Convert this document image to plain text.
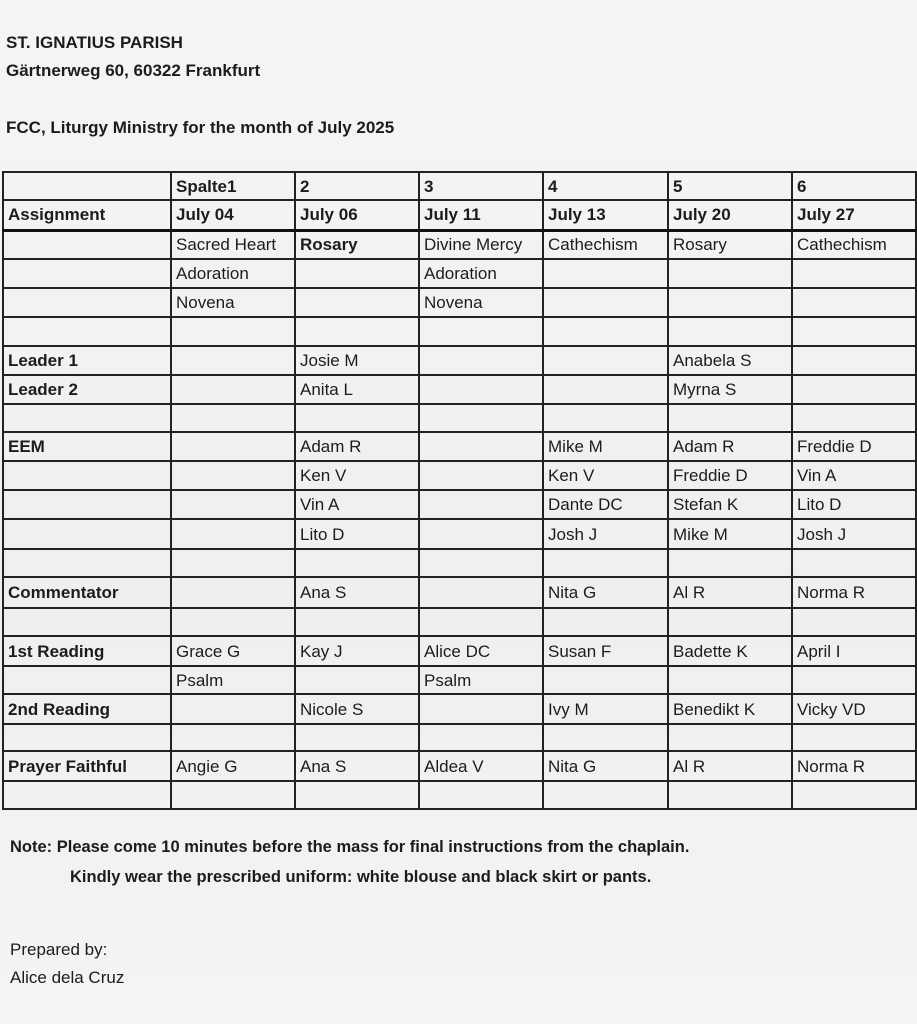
ST. IGNATIUS PARISH
Gärtnerweg 60, 60322 Frankfurt
FCC, Liturgy Ministry for the month of July 2025
	Spalte1	2	3	4	5	6
Assignment	July 04	July 06	July 11	July 13	July 20	July 27
	Sacred Heart	Rosary	Divine Mercy	Cathechism	Rosary	Cathechism
	Adoration		Adoration			
	Novena		Novena			

Leader 1		Josie M			Anabela S	
Leader 2		Anita L			Myrna S	

EEM		Adam R		Mike M	Adam R	Freddie D
		Ken V		Ken V	Freddie D	Vin A
		Vin A		Dante DC	Stefan K	Lito D
		Lito D		Josh J	Mike M	Josh J

Commentator		Ana S		Nita G	Al R	Norma R

1st Reading	Grace G	Kay J	Alice DC	Susan F	Badette K	April I
	Psalm		Psalm			
2nd Reading		Nicole S		Ivy M	Benedikt K	Vicky VD

Prayer Faithful	Angie G	Ana S	Aldea V	Nita G	Al R	Norma R

Note: Please come 10 minutes before the mass for final instructions from the chaplain.
Kindly wear the prescribed uniform: white blouse and black skirt or pants.
Prepared by:
Alice dela Cruz
